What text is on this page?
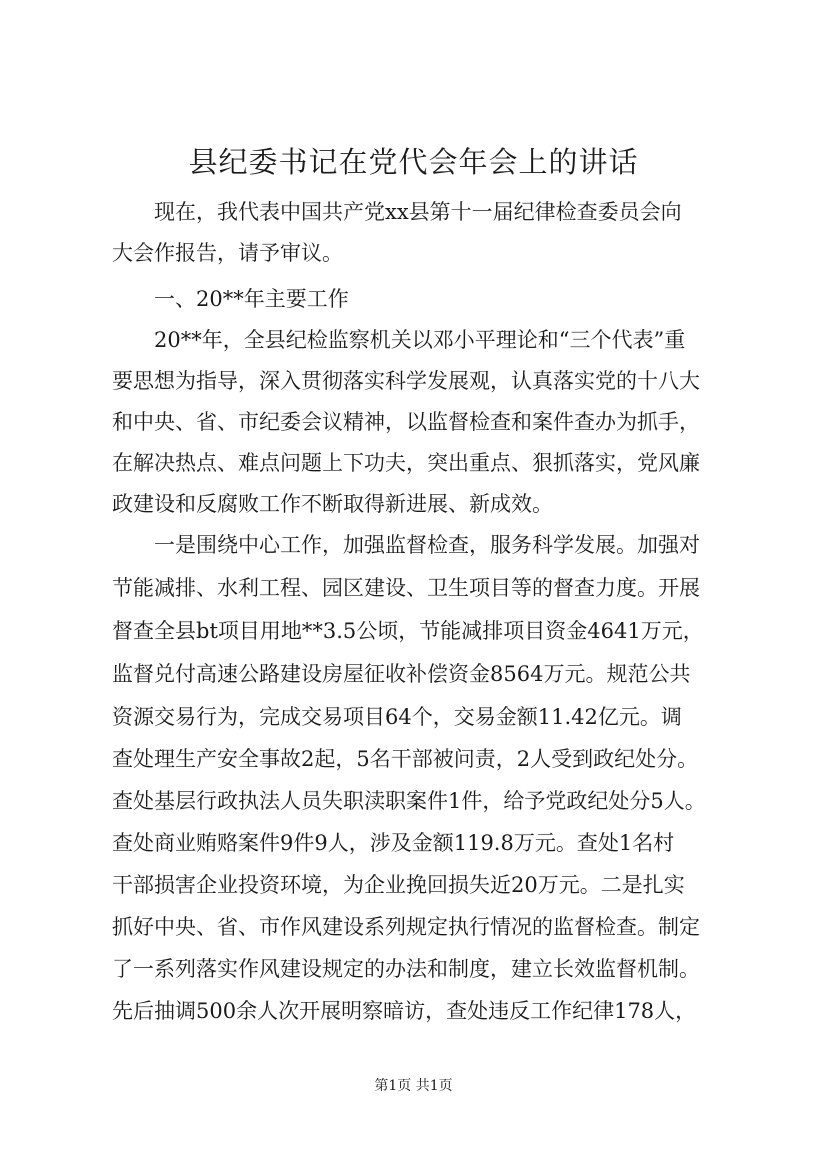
县纪委书记在党代会年会上的讲话
现在，我代表中国共产党xx县第十一届纪律检查委员会向
大会作报告，请予审议。
一、20**年主要工作
20**年，全县纪检监察机关以邓小平理论和“三个代表”重
要思想为指导，深入贯彻落实科学发展观，认真落实党的十八大
和中央、省、市纪委会议精神，以监督检查和案件查办为抓手，
在解决热点、难点问题上下功夫，突出重点、狠抓落实，党风廉
政建设和反腐败工作不断取得新进展、新成效。
一是围绕中心工作，加强监督检查，服务科学发展。加强对
节能减排、水利工程、园区建设、卫生项目等的督查力度。开展
督查全县bt项目用地**3.5公顷，节能减排项目资金4641万元，
监督兑付高速公路建设房屋征收补偿资金8564万元。规范公共
资源交易行为，完成交易项目64个，交易金额11.42亿元。调
查处理生产安全事故2起，5名干部被问责，2人受到政纪处分。
查处基层行政执法人员失职渎职案件1件，给予党政纪处分5人。
查处商业贿赂案件9件9人，涉及金额119.8万元。查处1名村
干部损害企业投资环境，为企业挽回损失近20万元。二是扎实
抓好中央、省、市作风建设系列规定执行情况的监督检查。制定
了一系列落实作风建设规定的办法和制度，建立长效监督机制。
先后抽调500余人次开展明察暗访，查处违反工作纪律178人，
第1页 共1页
